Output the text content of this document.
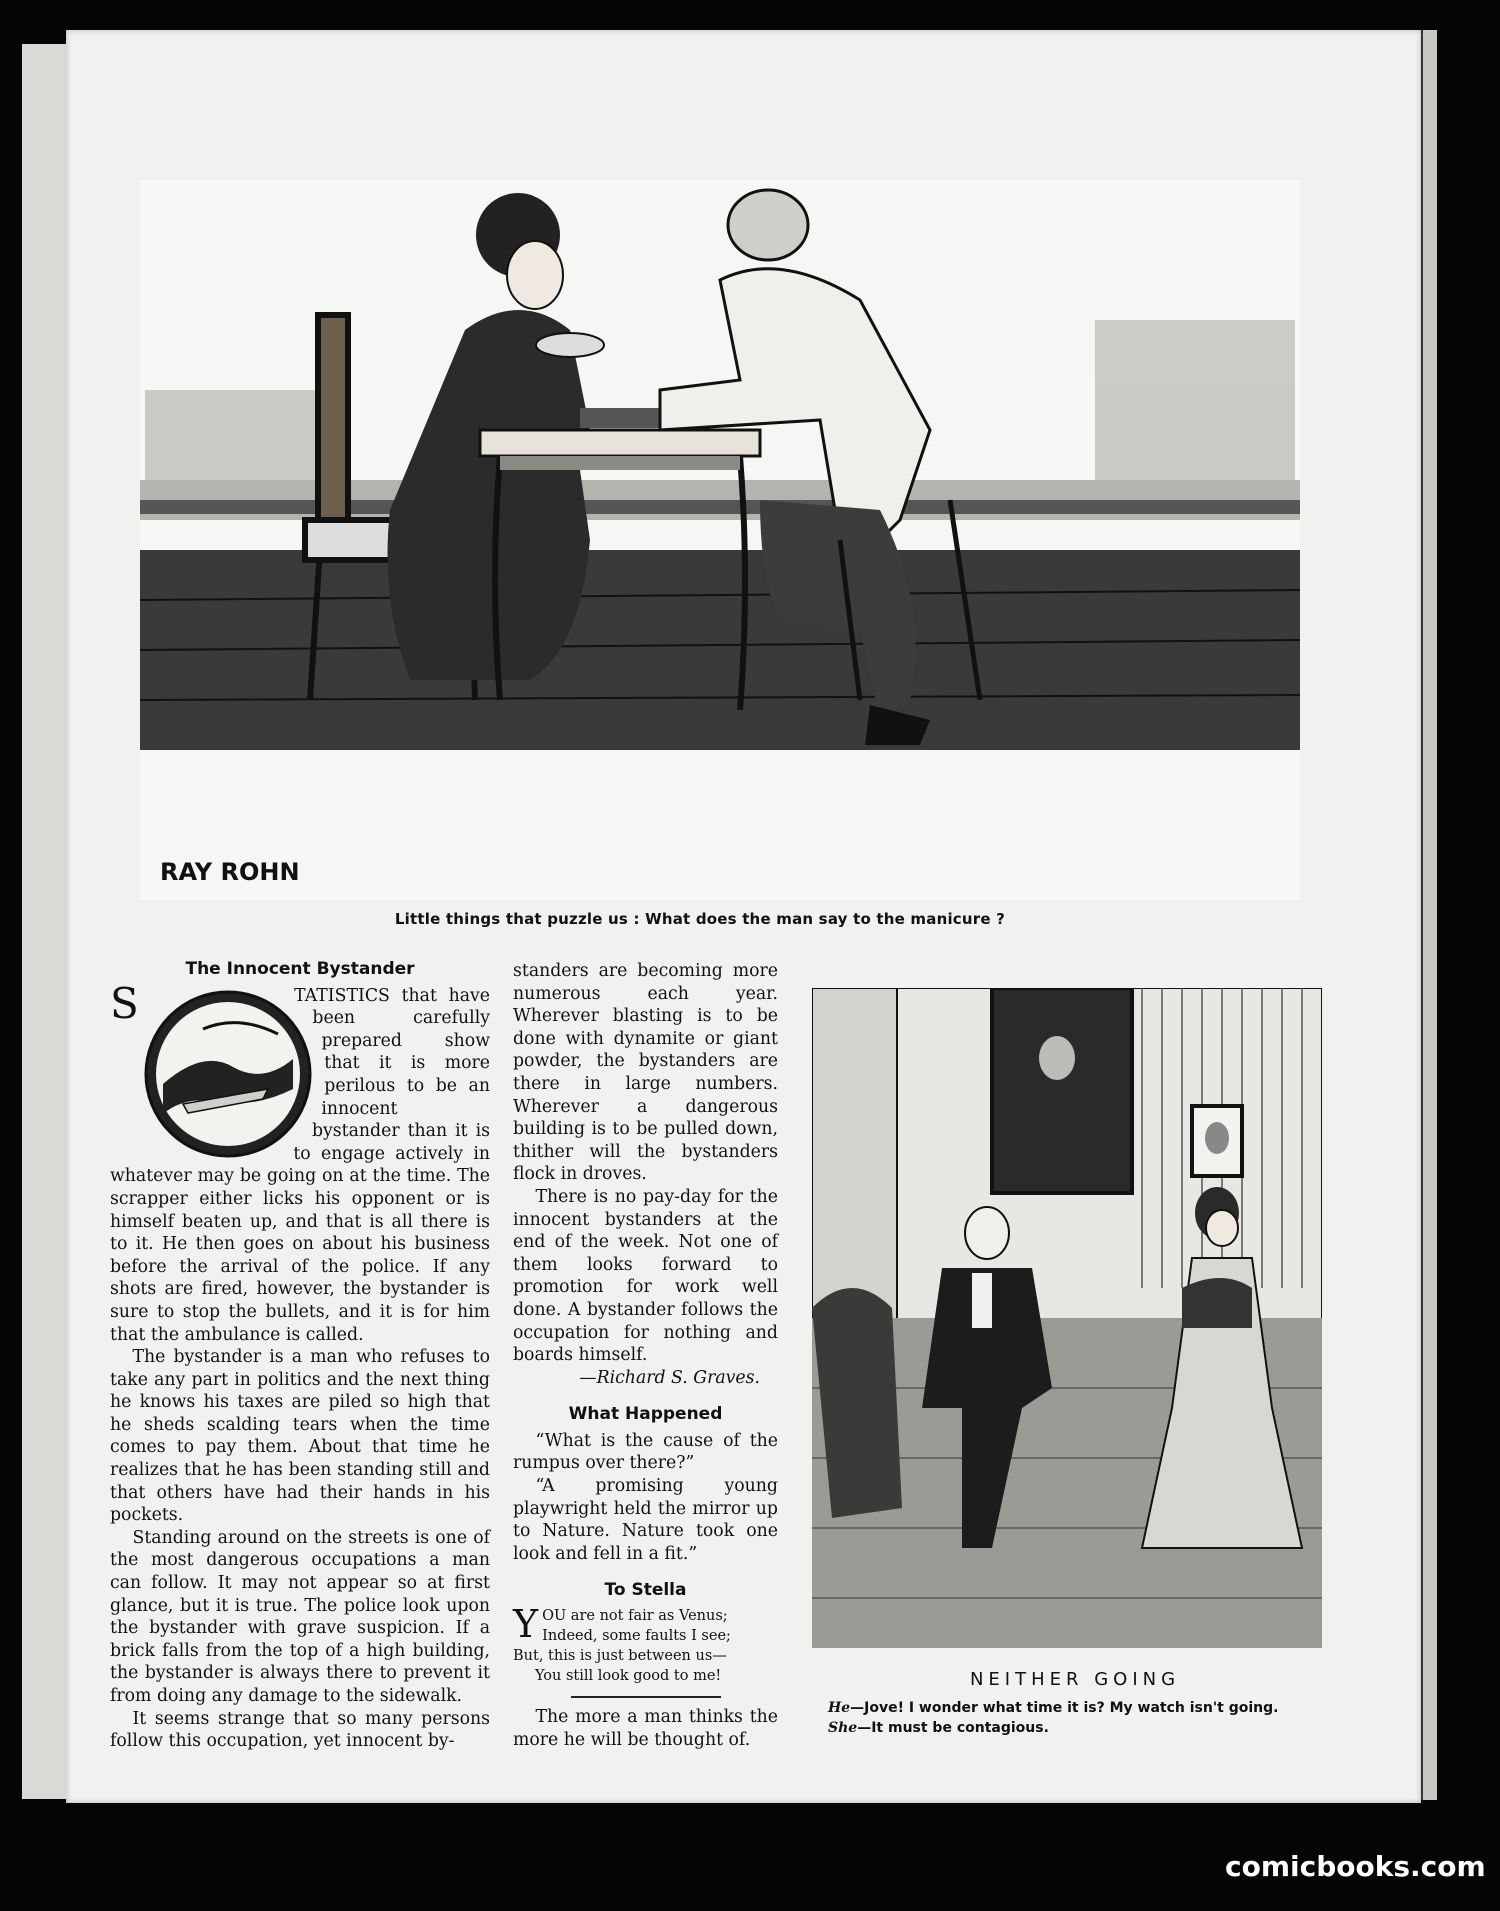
RAY ROHN
Little things that puzzle us : What does the man say to the manicure ?
The Innocent Bystander

S	TATISTICS that have been carefully prepared show that it is more perilous to be an innocent bystander than it is to engage actively in whatever may be going on at the time. The scrapper either licks his opponent or is himself beaten up, and that is all there is to it. He then goes on about his business before the arrival of the police. If any shots are fired, however, the bystander is sure to stop the bullets, and it is for him that the ambulance is called.

The bystander is a man who refuses to take any part in politics and the next thing he knows his taxes are piled so high that he sheds scalding tears when the time comes to pay them. About that time he realizes that he has been standing still and that others have had their hands in his pockets.

Standing around on the streets is one of the most dangerous occupations a man can follow. It may not appear so at first glance, but it is true. The police look upon the bystander with grave suspicion. If a brick falls from the top of a high building, the bystander is always there to prevent it from doing any damage to the sidewalk.

It seems strange that so many persons follow this occupation, yet innocent by-

standers are becoming more numerous each year. Wherever blasting is to be done with dynamite or giant powder, the bystanders are there in large numbers. Wherever a dangerous building is to be pulled down, thither will the bystanders flock in droves.

There is no pay-day for the innocent bystanders at the end of the week. Not one of them looks forward to promotion for work well done. A bystander follows the occupation for nothing and boards himself.

—Richard S. Graves.
What Happened

“What is the cause of the rumpus over there?”

“A promising young playwright held the mirror up to Nature. Nature took one look and fell in a fit.”

To Stella
Y OU are not fair as Venus;
Indeed, some faults I see;
But, this is just between us—
You still look good to me!

The more a man thinks the more he will be thought of.

NEITHER GOING
He—Jove! I wonder what time it is? My watch isn't going.
She—It must be contagious.
comicbooks.com
